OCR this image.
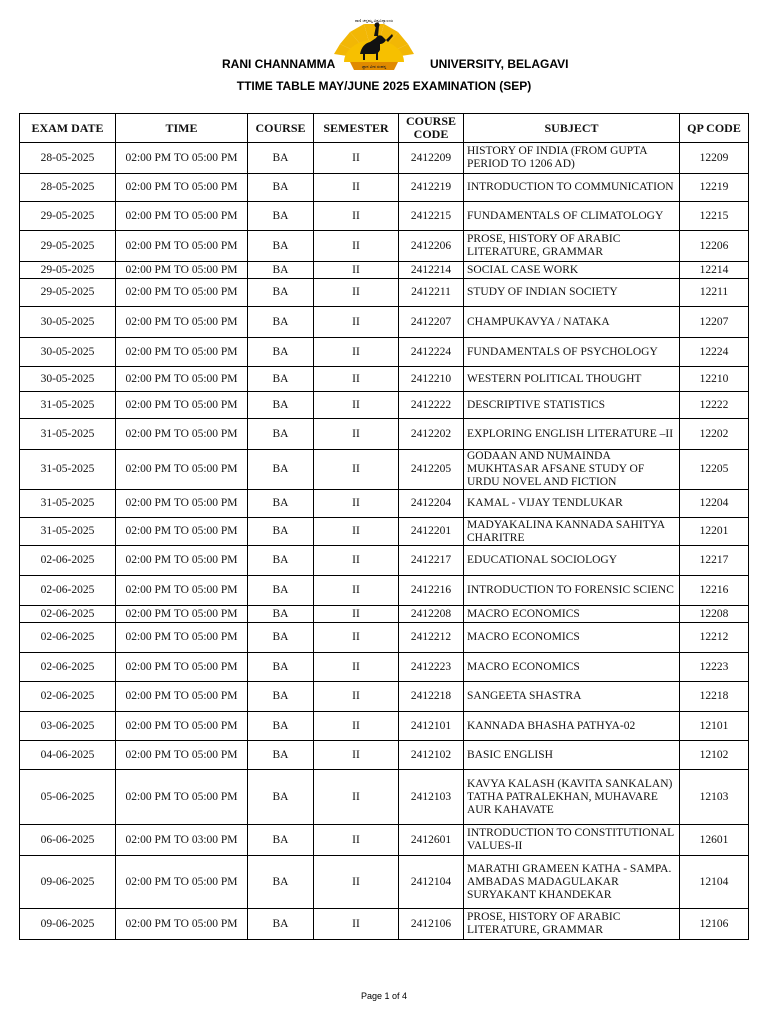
ಜ್ಞಾನ ವೀರ ಸಂಪನ್ನ
ರಾಣಿ ಚನ್ನಮ್ಮ ವಿಶ್ವವಿದ್ಯಾಲಯ
RANI CHANNAMMA	UNIVERSITY, BELAGAVI
TTIME TABLE MAY/JUNE 2025 EXAMINATION (SEP)
EXAM DATE	TIME	COURSE	SEMESTER	COURSE CODE	SUBJECT	QP CODE
28-05-2025	02:00 PM TO 05:00 PM	BA	II	2412209	HISTORY OF INDIA (FROM GUPTA PERIOD TO 1206 AD)	12209
28-05-2025	02:00 PM TO 05:00 PM	BA	II	2412219	INTRODUCTION TO COMMUNICATION	12219
29-05-2025	02:00 PM TO 05:00 PM	BA	II	2412215	FUNDAMENTALS OF CLIMATOLOGY	12215
29-05-2025	02:00 PM TO 05:00 PM	BA	II	2412206	PROSE, HISTORY OF ARABIC LITERATURE, GRAMMAR	12206
29-05-2025	02:00 PM TO 05:00 PM	BA	II	2412214	SOCIAL CASE WORK	12214
29-05-2025	02:00 PM TO 05:00 PM	BA	II	2412211	STUDY OF INDIAN SOCIETY	12211
30-05-2025	02:00 PM TO 05:00 PM	BA	II	2412207	CHAMPUKAVYA / NATAKA	12207
30-05-2025	02:00 PM TO 05:00 PM	BA	II	2412224	FUNDAMENTALS OF PSYCHOLOGY	12224
30-05-2025	02:00 PM TO 05:00 PM	BA	II	2412210	WESTERN POLITICAL THOUGHT	12210
31-05-2025	02:00 PM TO 05:00 PM	BA	II	2412222	DESCRIPTIVE STATISTICS	12222
31-05-2025	02:00 PM TO 05:00 PM	BA	II	2412202	EXPLORING ENGLISH LITERATURE –II	12202
31-05-2025	02:00 PM TO 05:00 PM	BA	II	2412205	GODAAN AND NUMAINDA MUKHTASAR AFSANE STUDY OF URDU NOVEL AND FICTION	12205
31-05-2025	02:00 PM TO 05:00 PM	BA	II	2412204	KAMAL - VIJAY TENDLUKAR	12204
31-05-2025	02:00 PM TO 05:00 PM	BA	II	2412201	MADYAKALINA KANNADA SAHITYA CHARITRE	12201
02-06-2025	02:00 PM TO 05:00 PM	BA	II	2412217	EDUCATIONAL SOCIOLOGY	12217
02-06-2025	02:00 PM TO 05:00 PM	BA	II	2412216	INTRODUCTION TO FORENSIC SCIENC	12216
02-06-2025	02:00 PM TO 05:00 PM	BA	II	2412208	MACRO ECONOMICS	12208
02-06-2025	02:00 PM TO 05:00 PM	BA	II	2412212	MACRO ECONOMICS	12212
02-06-2025	02:00 PM TO 05:00 PM	BA	II	2412223	MACRO ECONOMICS	12223
02-06-2025	02:00 PM TO 05:00 PM	BA	II	2412218	SANGEETA SHASTRA	12218
03-06-2025	02:00 PM TO 05:00 PM	BA	II	2412101	KANNADA BHASHA PATHYA-02	12101
04-06-2025	02:00 PM TO 05:00 PM	BA	II	2412102	BASIC ENGLISH	12102
05-06-2025	02:00 PM TO 05:00 PM	BA	II	2412103	KAVYA KALASH (KAVITA SANKALAN) TATHA PATRALEKHAN, MUHAVARE AUR KAHAVATE	12103
06-06-2025	02:00 PM TO 03:00 PM	BA	II	2412601	INTRODUCTION TO CONSTITUTIONAL VALUES-II	12601
09-06-2025	02:00 PM TO 05:00 PM	BA	II	2412104	MARATHI GRAMEEN KATHA - SAMPA. AMBADAS MADAGULAKAR SURYAKANT KHANDEKAR	12104
09-06-2025	02:00 PM TO 05:00 PM	BA	II	2412106	PROSE, HISTORY OF ARABIC LITERATURE, GRAMMAR	12106
Page 1 of 4
